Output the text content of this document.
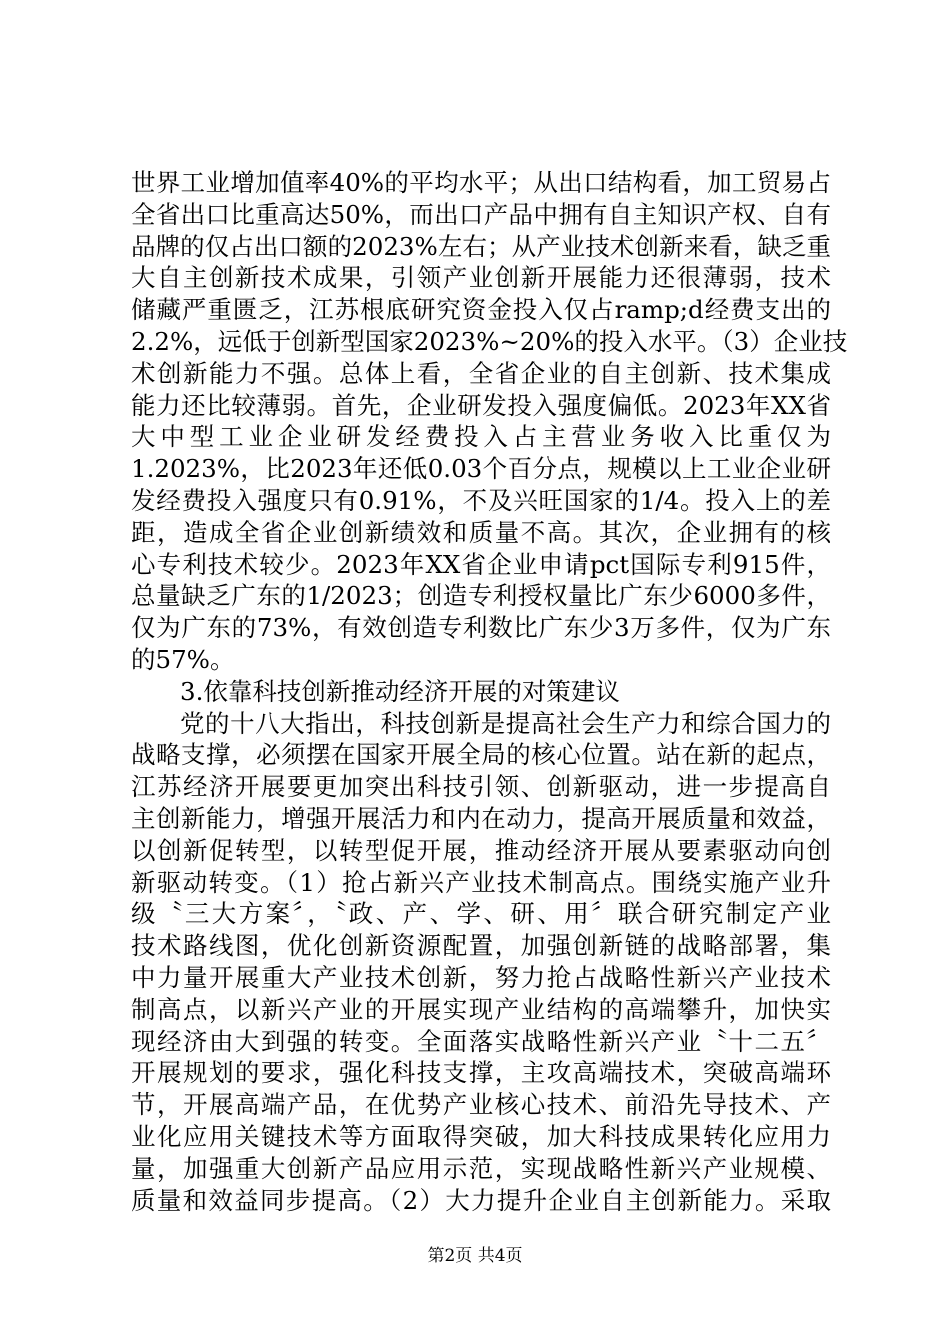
世界工业增加值率40%的平均水平；从出口结构看，加工贸易占
全省出口比重高达50%，而出口产品中拥有自主知识产权、自有
品牌的仅占出口额的2023%左右；从产业技术创新来看，缺乏重
大自主创新技术成果，引领产业创新开展能力还很薄弱，技术
储藏严重匮乏，江苏根底研究资金投入仅占ramp;d经费支出的
2.2%，远低于创新型国家2023%~20%的投入水平。（3）企业技
术创新能力不强。总体上看，全省企业的自主创新、技术集成
能力还比较薄弱。首先，企业研发投入强度偏低。2023年XX省
大中型工业企业研发经费投入占主营业务收入比重仅为
1.2023%，比2023年还低0.03个百分点，规模以上工业企业研
发经费投入强度只有0.91%，不及兴旺国家的1/4。投入上的差
距，造成全省企业创新绩效和质量不高。其次，企业拥有的核
心专利技术较少。2023年XX省企业申请pct国际专利915件，
总量缺乏广东的1/2023；创造专利授权量比广东少6000多件，
仅为广东的73%，有效创造专利数比广东少3万多件，仅为广东
的57%。
3.依靠科技创新推动经济开展的对策建议
党的十八大指出，科技创新是提高社会生产力和综合国力的
战略支撑，必须摆在国家开展全局的核心位置。站在新的起点，
江苏经济开展要更加突出科技引领、创新驱动，进一步提高自
主创新能力，增强开展活力和内在动力，提高开展质量和效益，
以创新促转型，以转型促开展，推动经济开展从要素驱动向创
新驱动转变。（1）抢占新兴产业技术制高点。围绕实施产业升
级〝三大方案〞，〝政、产、学、研、用〞联合研究制定产业
技术路线图，优化创新资源配置，加强创新链的战略部署，集
中力量开展重大产业技术创新，努力抢占战略性新兴产业技术
制高点，以新兴产业的开展实现产业结构的高端攀升，加快实
现经济由大到强的转变。全面落实战略性新兴产业〝十二五〞
开展规划的要求，强化科技支撑，主攻高端技术，突破高端环
节，开展高端产品，在优势产业核心技术、前沿先导技术、产
业化应用关键技术等方面取得突破，加大科技成果转化应用力
量，加强重大创新产品应用示范，实现战略性新兴产业规模、
质量和效益同步提高。（2）大力提升企业自主创新能力。采取
第2页 共4页
